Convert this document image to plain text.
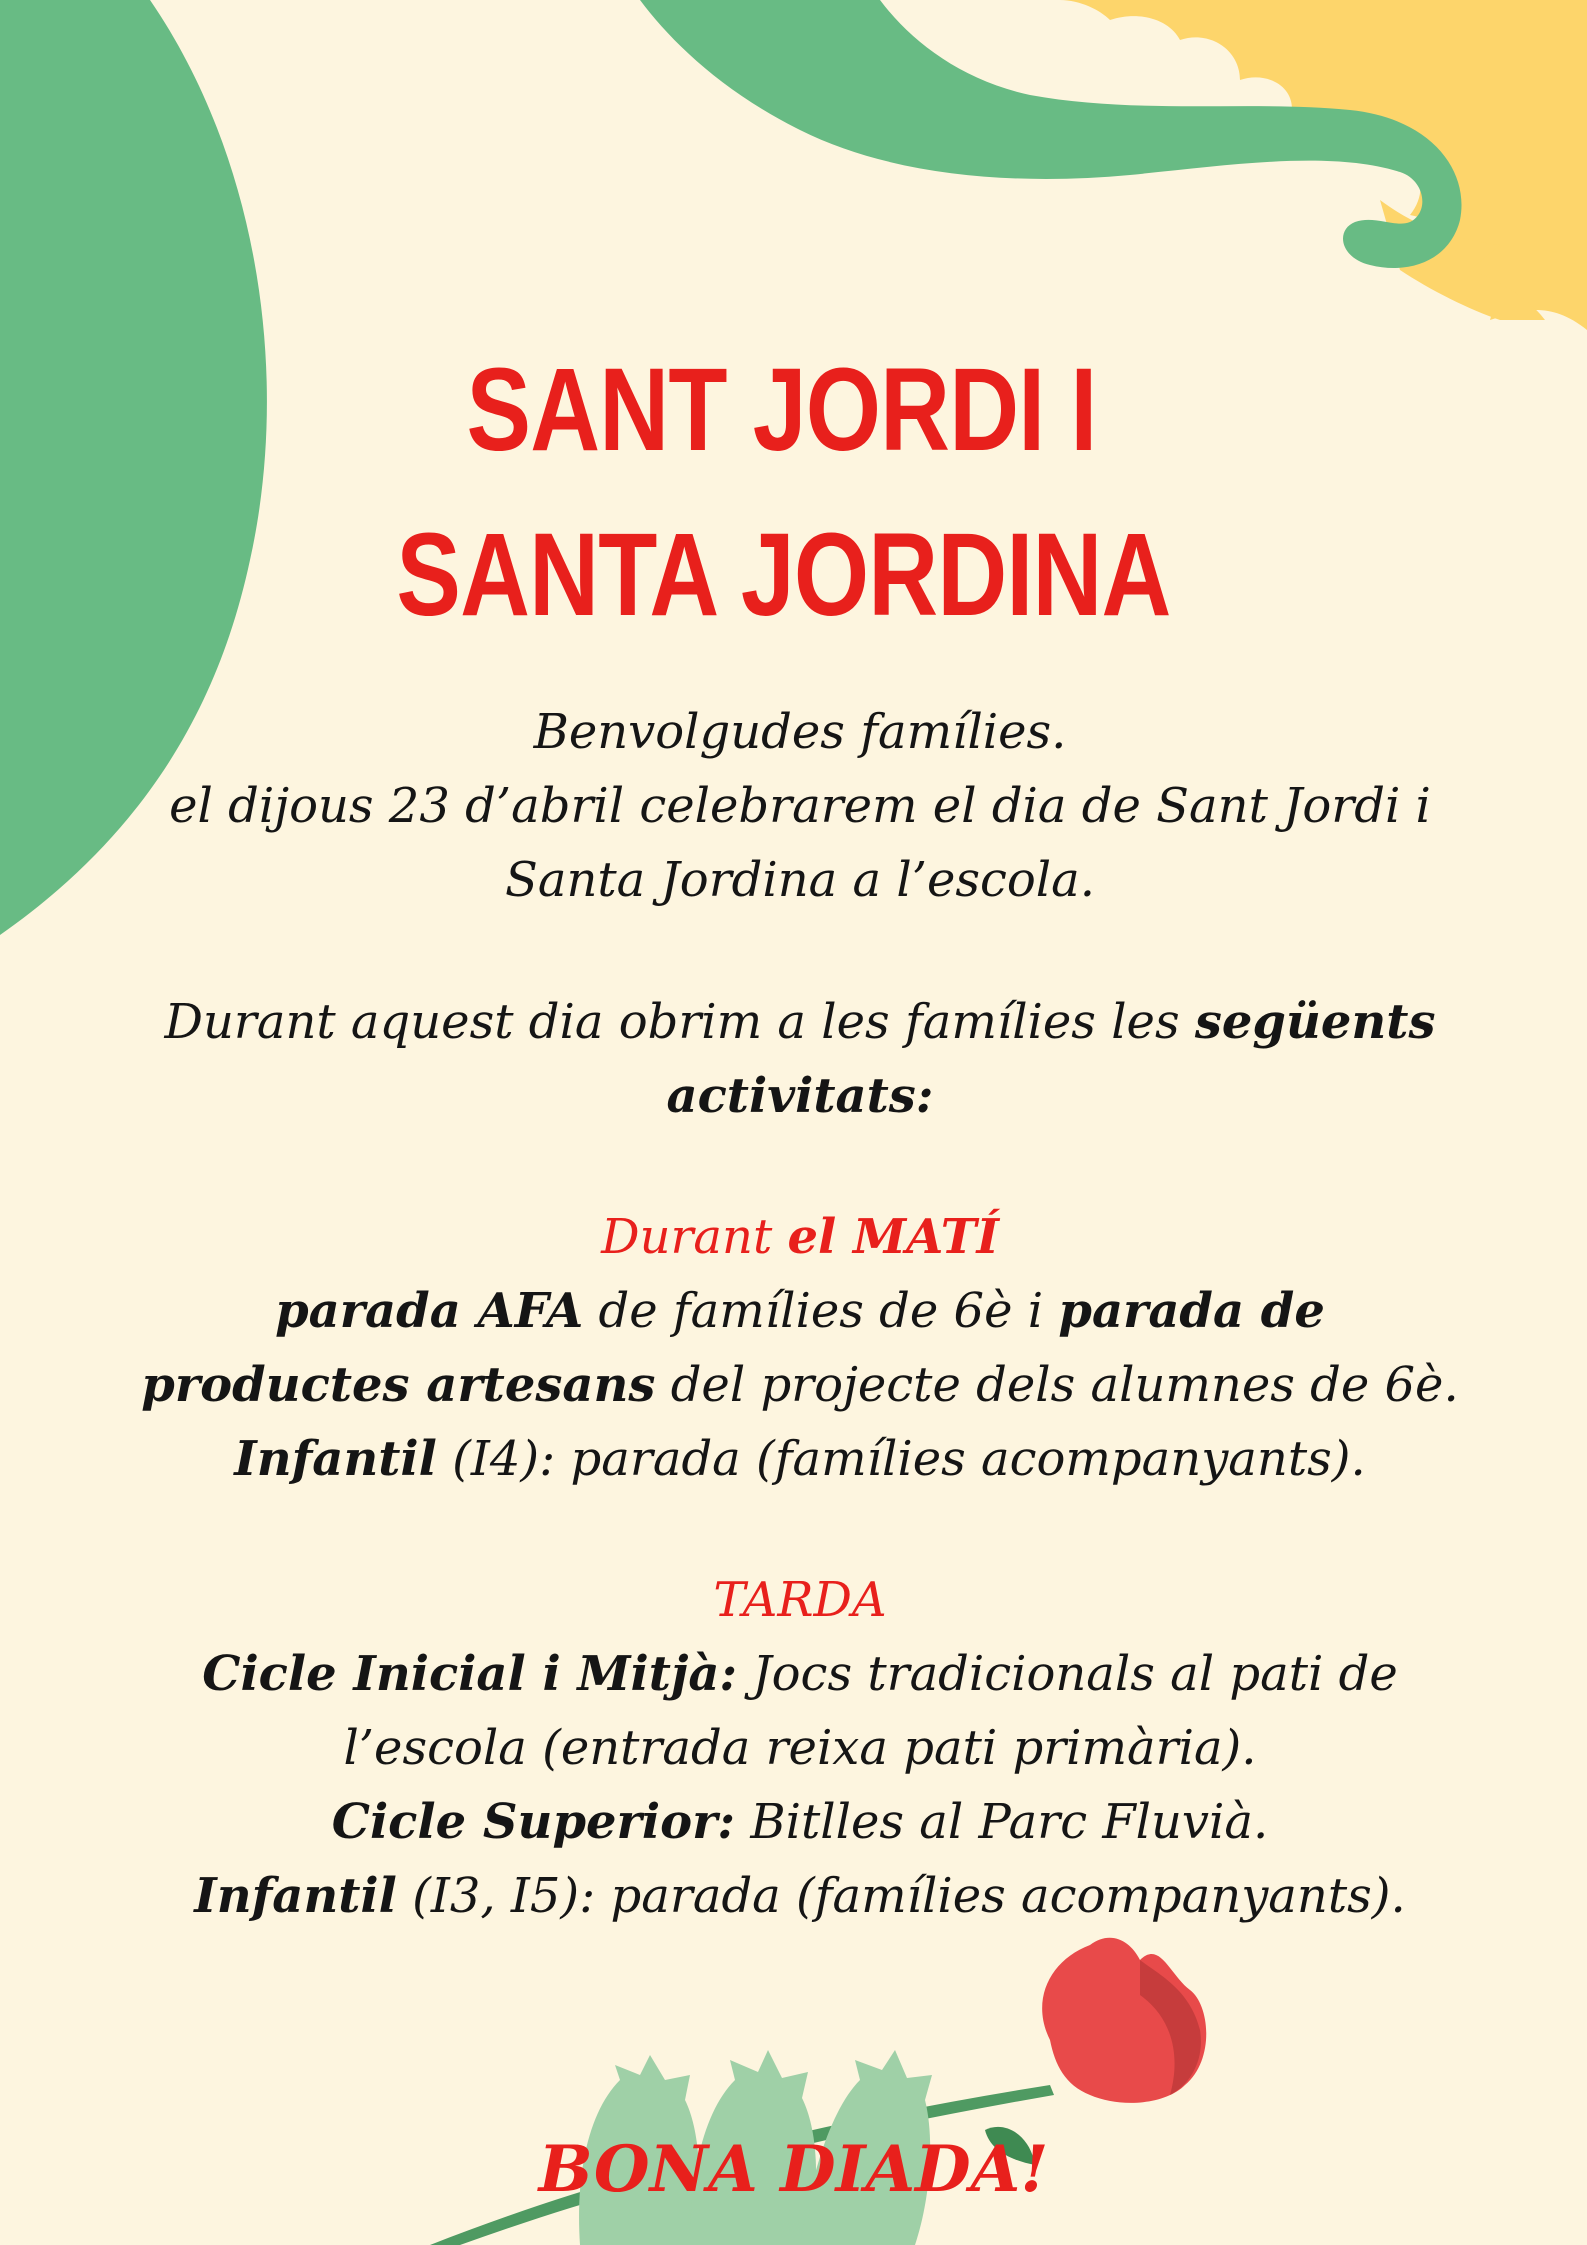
SANT JORDI I
SANTA JORDINA
Benvolgudes famílies.
el dijous 23 d’abril celebrarem el dia de Sant Jordi i
Santa Jordina a l’escola.
Durant aquest dia obrim a les famílies les següents
activitats:
Durant el MATÍ
parada AFA de famílies de 6è i parada de
productes artesans del projecte dels alumnes de 6è.
Infantil (I4): parada (famílies acompanyants).
TARDA
Cicle Inicial i Mitjà: Jocs tradicionals al pati de
l’escola (entrada reixa pati primària).
Cicle Superior: Bitlles al Parc Fluvià.
Infantil (I3, I5): parada (famílies acompanyants).
BONA DIADA!
